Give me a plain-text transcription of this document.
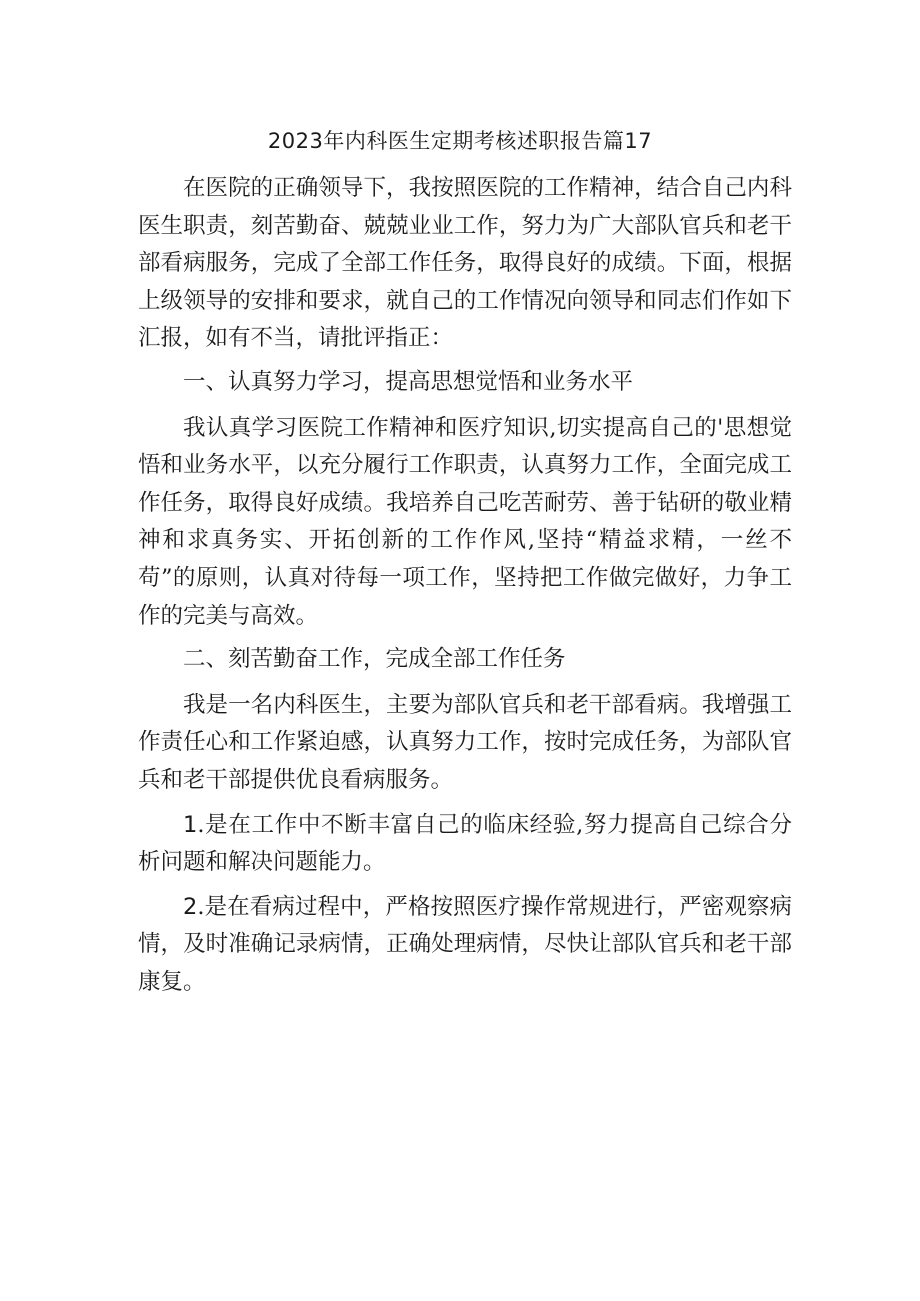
2023年内科医生定期考核述职报告篇17

在医院的正确领导下，我按照医院的工作精神，结合自己内科医生职责，刻苦勤奋、兢兢业业工作，努力为广大部队官兵和老干部看病服务，完成了全部工作任务，取得良好的成绩。下面，根据上级领导的安排和要求，就自己的工作情况向领导和同志们作如下汇报，如有不当，请批评指正：

一、认真努力学习，提高思想觉悟和业务水平

我认真学习医院工作精神和医疗知识,切实提高自己的'思想觉悟和业务水平，以充分履行工作职责，认真努力工作，全面完成工作任务，取得良好成绩。我培养自己吃苦耐劳、善于钻研的敬业精神和求真务实、开拓创新的工作作风,坚持“精益求精，一丝不苟”的原则，认真对待每一项工作，坚持把工作做完做好，力争工作的完美与高效。

二、刻苦勤奋工作，完成全部工作任务

我是一名内科医生，主要为部队官兵和老干部看病。我增强工作责任心和工作紧迫感，认真努力工作，按时完成任务，为部队官兵和老干部提供优良看病服务。

1.是在工作中不断丰富自己的临床经验,努力提高自己综合分析问题和解决问题能力。

2.是在看病过程中，严格按照医疗操作常规进行，严密观察病情，及时准确记录病情，正确处理病情，尽快让部队官兵和老干部康复。
